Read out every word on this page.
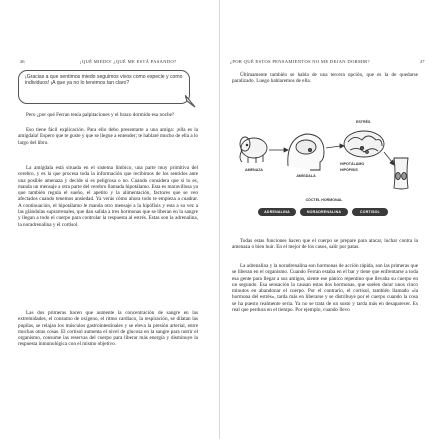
26	¡QUÉ MIEDO! ¿QUÉ ME ESTÁ PASANDO?
¡Gracias a que sentimos miedo seguimos vivos como especie y como individuos! ¡A que ya no lo tenemos tan claro?

Pero ¿por qué Ferran tenía palpitaciones y el brazo dormido esa noche?

Eso tiene fácil explicación. Para ello debo presentarte a una amiga: ¡ella es la amígdala! Espero que te guste y que se llegue a entender; te hablaré mucho de ella a lo largo del libro.

La amígdala está situada en el sistema límbico, una parte muy primitiva del cerebro, y es la que procesa toda la información que recibimos de los sentidos ante una posible amenaza y decide si es peligrosa o no. Cuando considera que sí lo es, manda un mensaje a otra parte del cerebro llamada hipotálamo. Esta es maravillosa ya que también regula el sueño, el apetito y la alimentación, factores que se ven afectados cuando tenemos ansiedad. Ya verás cómo ahora todo te empieza a cuadrar. A continuación, el hipotálamo le manda otro mensaje a la hipófisis y esta a su vez a las glándulas suprarrenales, que dan salida a tres hormonas que se liberan en la sangre y llegan a todo el cuerpo para controlar la respuesta al estrés. Estas son la adrenalina, la noradrenalina y el cortisol.

Las dos primeras hacen que aumente la concentración de sangre en las extremidades, el consumo de oxígeno, el ritmo cardíaco, la respiración, se dilatan las pupilas, se relajan los músculos gastrointestinales y se eleva la presión arterial, entre muchas otras cosas. El cortisol aumenta el nivel de glucosa en la sangre para nutrir el organismo, consume las reservas del cuerpo para liberar más energía y disminuye la respuesta inmunológica con el mismo objetivo.

¿POR QUÉ ESTOS PENSAMIENTOS NO ME DEJAN DORMIR?	27

Últimamente también se habla de una tercera opción, que es la de quedarse paralizado. Luego hablaremos de ella.

Todas estas funciones hacen que el cuerpo se prepare para atacar, luchar contra la amenaza o bien huir. En el mejor de los casos, salir por patas.

La adrenalina y la noradrenalina son hormonas de acción rápida, son las primeras que se liberan en el organismo. Cuando Ferran estaba en el bar y tiene que enfrentarse a toda esa gente para llegar a sus amigos, siente ese pánico repentino que llevaba su cuerpo en un segundo. Esa sensación la causan estas dos hormonas, que suelen durar unos cinco minutos en abandonar el cuerpo. Por el contrario, el cortisol, también llamado «la hormona del estrés», tarda más en liberarse y se distribuye por el cuerpo cuando la cosa se ha puesto realmente seria. Ya no se trata de un susto y tarda más en desaparecer. Es real que perdura en el tiempo. Por ejemplo, cuando llevo

ESTRÉS
AMENAZA
AMÍGDALA
HIPOTÁLAMO
HIPÓFISIS
CÓCTEL HORMONAL
ADRENALINA	NORADRENALINA	CORTISOL
